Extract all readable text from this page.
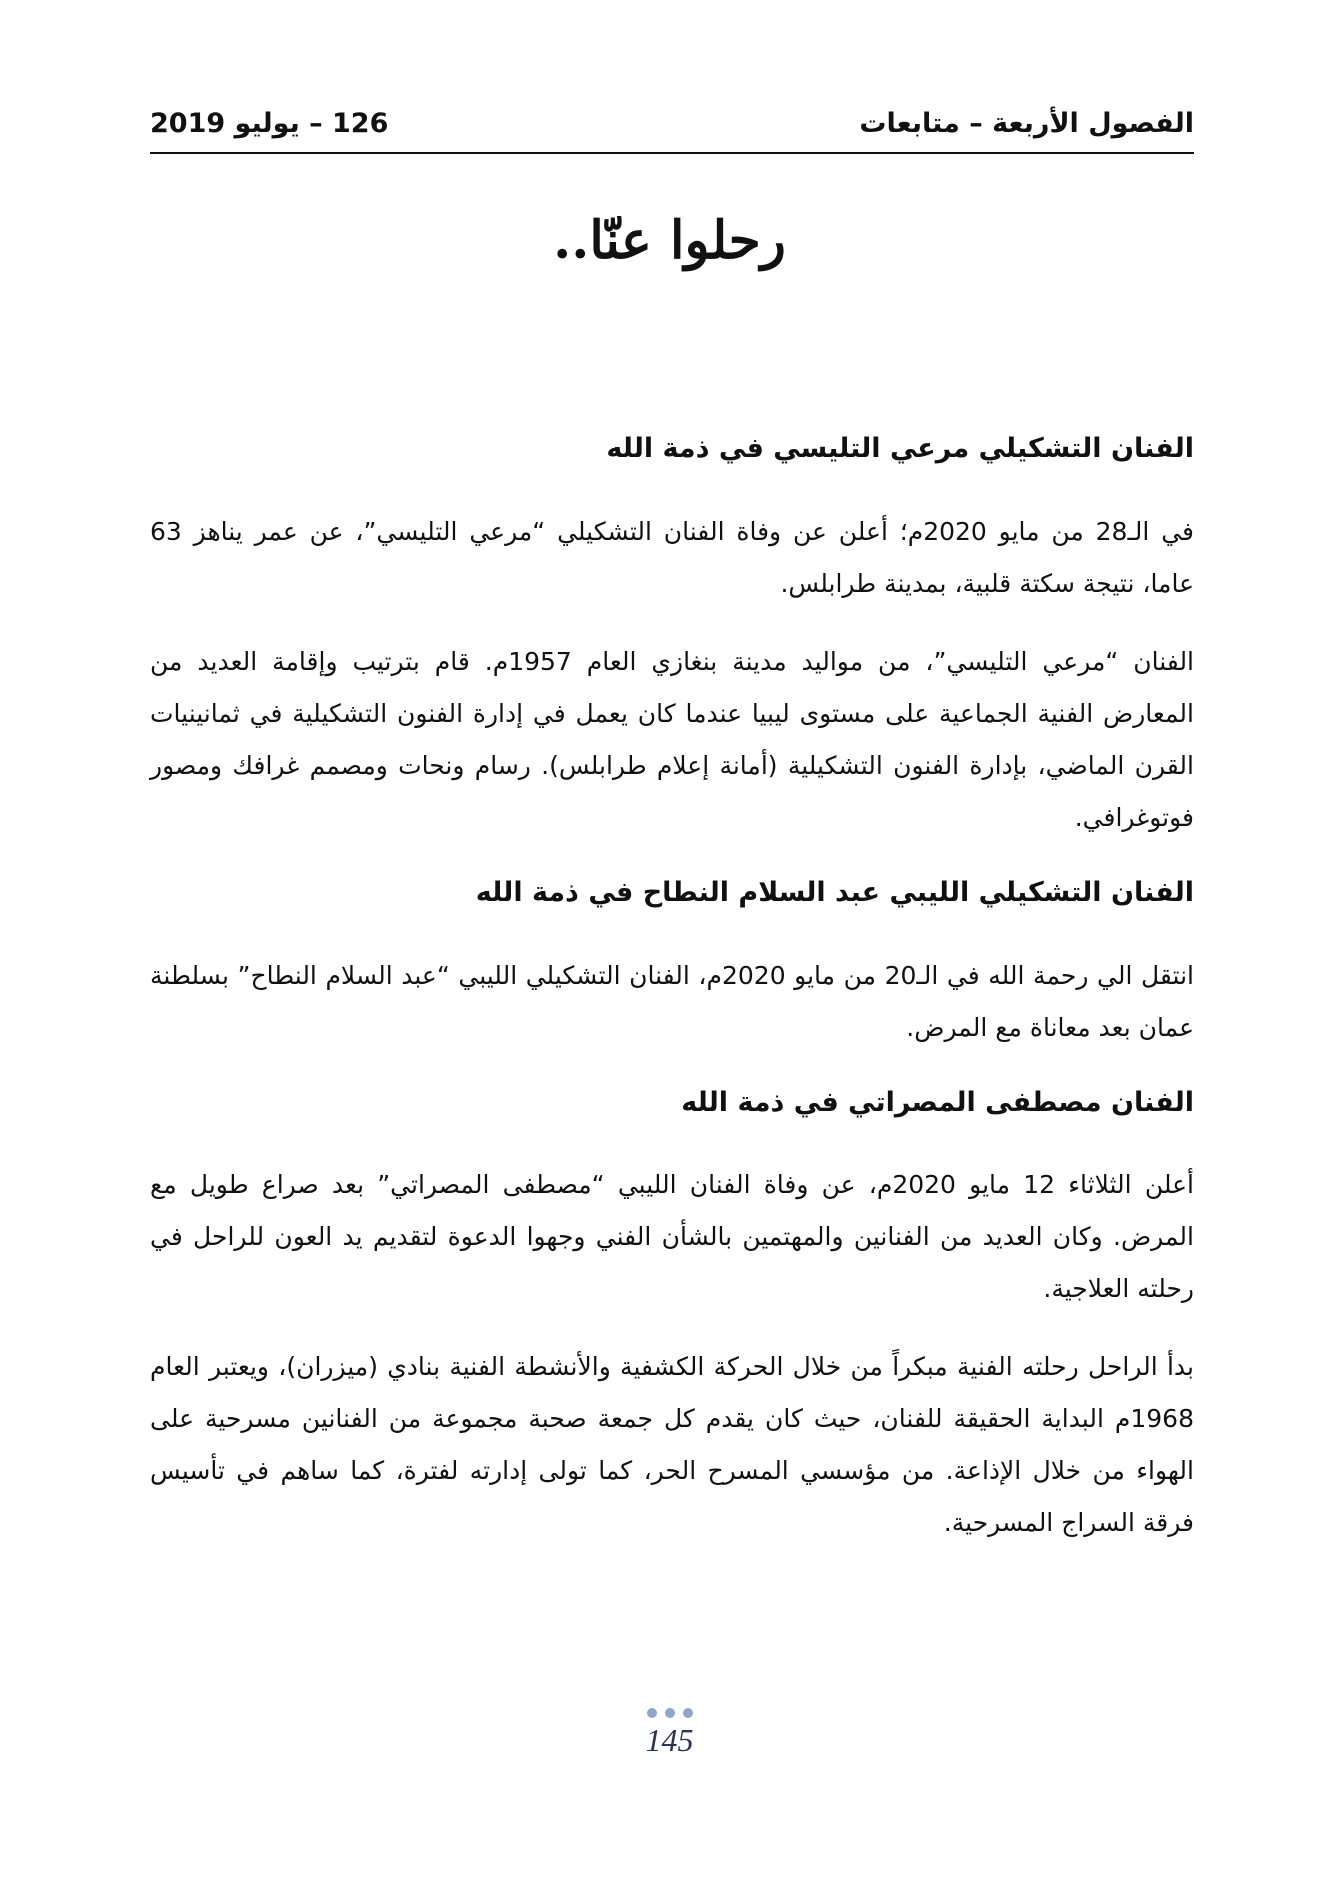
126 – يوليو 2019	الفصول الأربعة – متابعات
رحلوا عنّا..
الفنان التشكيلي مرعي التليسي في ذمة الله

في الـ28 من مايو 2020م؛ أعلن عن وفاة الفنان التشكيلي “مرعي التليسي”، عن عمر يناهز 63 عاما، نتيجة سكتة قلبية، بمدينة طرابلس.

الفنان “مرعي التليسي”، من مواليد مدينة بنغازي العام 1957م. قام بترتيب وإقامة العديد من المعارض الفنية الجماعية على مستوى ليبيا عندما كان يعمل في إدارة الفنون التشكيلية في ثمانينيات القرن الماضي، بإدارة الفنون التشكيلية (أمانة إعلام طرابلس). رسام ونحات ومصمم غرافك ومصور فوتوغرافي.

الفنان التشكيلي الليبي عبد السلام النطاح في ذمة الله

انتقل الي رحمة الله في الـ20 من مايو 2020م، الفنان التشكيلي الليبي “عبد السلام النطاح” بسلطنة عمان بعد معاناة مع المرض.

الفنان مصطفى المصراتي في ذمة الله

أعلن الثلاثاء 12 مايو 2020م، عن وفاة الفنان الليبي “مصطفى المصراتي” بعد صراع طويل مع المرض. وكان العديد من الفنانين والمهتمين بالشأن الفني وجهوا الدعوة لتقديم يد العون للراحل في رحلته العلاجية.

بدأ الراحل رحلته الفنية مبكراً من خلال الحركة الكشفية والأنشطة الفنية بنادي (ميزران)، ويعتبر العام 1968م البداية الحقيقة للفنان، حيث كان يقدم كل جمعة صحبة مجموعة من الفنانين مسرحية على الهواء من خلال الإذاعة. من مؤسسي المسرح الحر، كما تولى إدارته لفترة، كما ساهم في تأسيس فرقة السراج المسرحية.

145
